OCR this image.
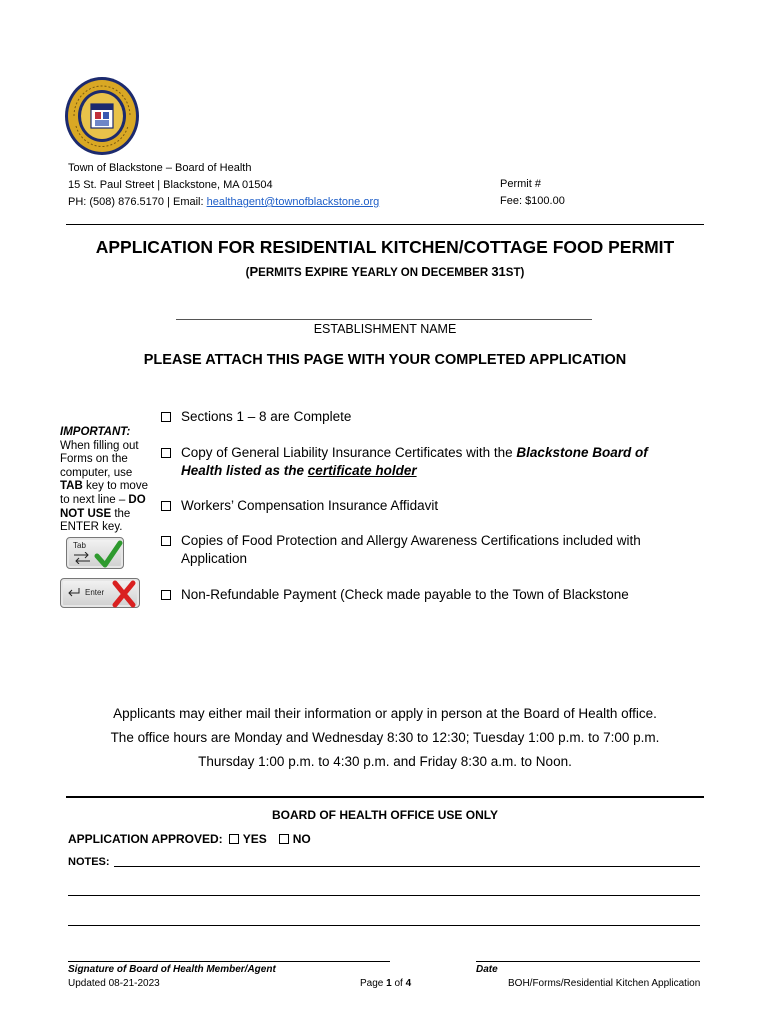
Town of Blackstone – Board of Health
15 St. Paul Street | Blackstone, MA 01504
PH: (508) 876.5170 | Email: healthagent@townofblackstone.org
Permit #
Fee: $100.00
APPLICATION FOR RESIDENTIAL KITCHEN/COTTAGE FOOD PERMIT
(PERMITS EXPIRE YEARLY ON DECEMBER 31ST)
ESTABLISHMENT NAME
PLEASE ATTACH THIS PAGE WITH YOUR COMPLETED APPLICATION
Sections 1 – 8 are Complete
Copy of General Liability Insurance Certificates with the Blackstone Board of Health listed as the certificate holder
Workers’ Compensation Insurance Affidavit
Copies of Food Protection and Allergy Awareness Certifications included with Application
Non-Refundable Payment (Check made payable to the Town of Blackstone
IMPORTANT:
When filling out Forms on the computer, use TAB key to move to next line – DO NOT USE the ENTER key.
Tab
Enter
Applicants may either mail their information or apply in person at the Board of Health office.
The office hours are Monday and Wednesday 8:30 to 12:30; Tuesday 1:00 p.m. to 7:00 p.m.
Thursday 1:00 p.m. to 4:30 p.m. and Friday 8:30 a.m. to Noon.
BOARD OF HEALTH OFFICE USE ONLY
APPLICATION APPROVED: YES NO
NOTES:
Signature of Board of Health Member/Agent	Date
Updated 08-21-2023	Page 1 of 4	BOH/Forms/Residential Kitchen Application
